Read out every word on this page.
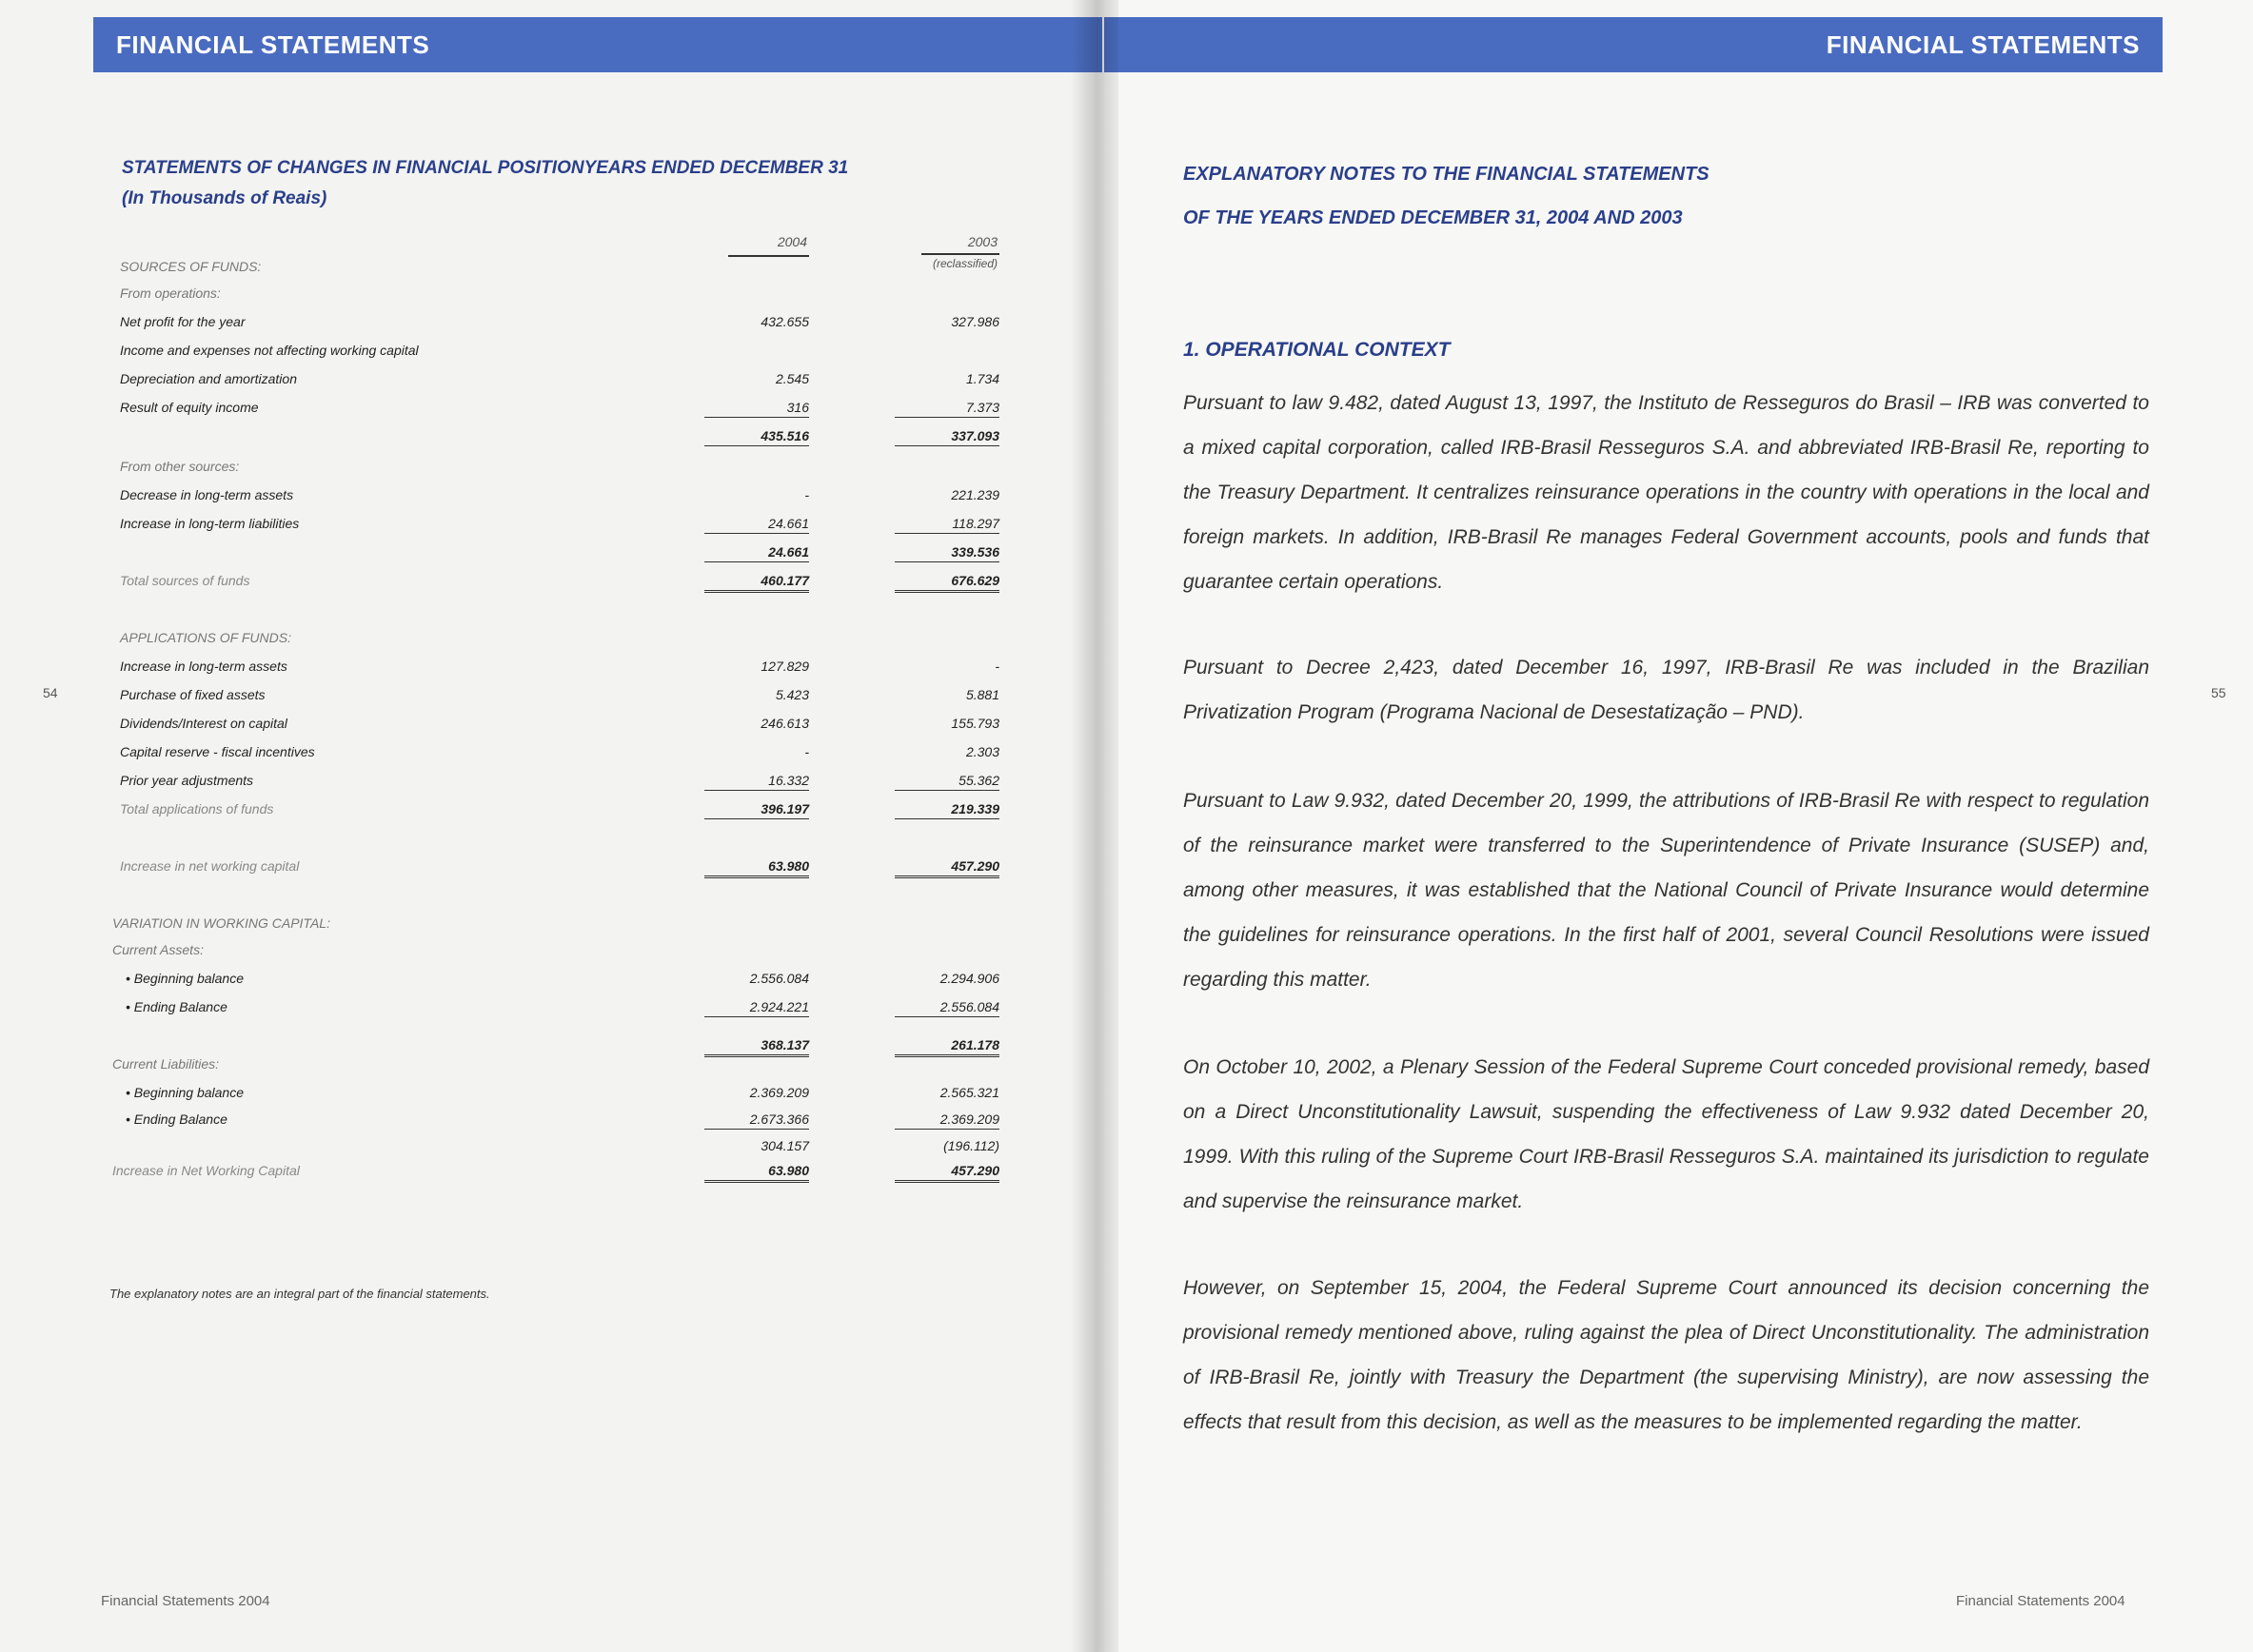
FINANCIAL STATEMENTS
STATEMENTS OF CHANGES IN FINANCIAL POSITIONYEARS ENDED DECEMBER 31
(In Thousands of Reais)
2004	2003
(reclassified)
SOURCES OF FUNDS:
From operations:
Net profit for the year	432.655	327.986
Income and expenses not affecting working capital
Depreciation and amortization	2.545	1.734
Result of equity income	316	7.373
435.516	337.093
From other sources:
Decrease in long-term assets	-	221.239
Increase in long-term liabilities	24.661	118.297
24.661	339.536
Total sources of funds	460.177	676.629
APPLICATIONS OF FUNDS:
Increase in long-term assets	127.829	-
Purchase of fixed assets	5.423	5.881
Dividends/Interest on capital	246.613	155.793
Capital reserve - fiscal incentives	-	2.303
Prior year adjustments	16.332	55.362
Total applications of funds	396.197	219.339
Increase in net working capital	63.980	457.290
VARIATION IN WORKING CAPITAL:
Current Assets:
• Beginning balance	2.556.084	2.294.906
• Ending Balance	2.924.221	2.556.084
368.137	261.178
Current Liabilities:
• Beginning balance	2.369.209	2.565.321
• Ending Balance	2.673.366	2.369.209
304.157	(196.112)
Increase in Net Working Capital	63.980	457.290
The explanatory notes are an integral part of the financial statements.
54
Financial Statements 2004
FINANCIAL STATEMENTS
55
Financial Statements 2004
EXPLANATORY NOTES TO THE FINANCIAL STATEMENTS
OF THE YEARS ENDED DECEMBER 31, 2004 AND 2003
1. OPERATIONAL CONTEXT
Pursuant to law 9.482, dated August 13, 1997, the Instituto de Resseguros do Brasil – IRB was converted to a mixed capital corporation, called IRB-Brasil Resseguros S.A. and abbreviated IRB-Brasil Re, reporting to the Treasury Department. It centralizes reinsurance operations in the country with operations in the local and foreign markets. In addition, IRB-Brasil Re manages Federal Government accounts, pools and funds that guarantee certain operations.
Pursuant to Decree 2,423, dated December 16, 1997, IRB-Brasil Re was included in the Brazilian Privatization Program (Programa Nacional de Desestatização – PND).
Pursuant to Law 9.932, dated December 20, 1999, the attributions of IRB-Brasil Re with respect to regulation of the reinsurance market were transferred to the Superintendence of Private Insurance (SUSEP) and, among other measures, it was established that the National Council of Private Insurance would determine the guidelines for reinsurance operations. In the first half of 2001, several Council Resolutions were issued regarding this matter.
On October 10, 2002, a Plenary Session of the Federal Supreme Court conceded provisional remedy, based on a Direct Unconstitutionality Lawsuit, suspending the effectiveness of Law 9.932 dated December 20, 1999. With this ruling of the Supreme Court IRB-Brasil Resseguros S.A. maintained its jurisdiction to regulate and supervise the reinsurance market.
However, on September 15, 2004, the Federal Supreme Court announced its decision concerning the provisional remedy mentioned above, ruling against the plea of Direct Unconstitutionality. The administration of IRB-Brasil Re, jointly with Treasury the Department (the supervising Ministry), are now assessing the effects that result from this decision, as well as the measures to be implemented regarding the matter.
